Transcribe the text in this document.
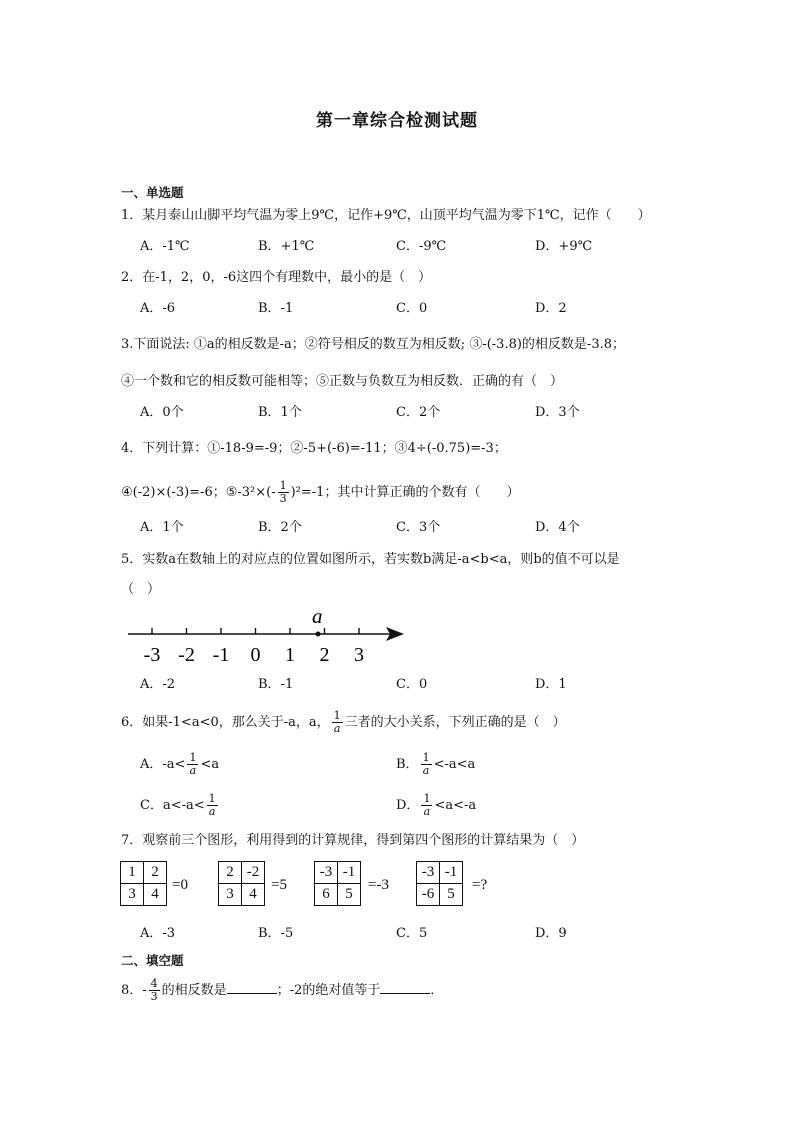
第一章综合检测试题
一、单选题
1．某月泰山山脚平均气温为零上9℃，记作+9℃，山顶平均气温为零下1℃，记作（　　）
A．-1℃	B．+1℃	C．-9℃	D．+9℃
2．在-1，2，0，-6这四个有理数中，最小的是（　）
A．-6	B．-1	C．0	D．2
3.下面说法: ①a的相反数是-a；②符号相反的数互为相反数; ③-(-3.8)的相反数是-3.8；
④一个数和它的相反数可能相等；⑤正数与负数互为相反数．正确的有（　）
A．0个	B．1个	C．2个	D．3个
4．下列计算：①-18-9=-9；②-5+(-6)=-11；③4÷(-0.75)=-3；
④(-2)×(-3)=-6；⑤-3²×(- $\frac{1}{3} )^2=-1$；其中计算正确的个数有（　　）
A．1个	B．2个	C．3个	D．4个
5．实数a在数轴上的对应点的位置如图所示，若实数b满足-a<b<a，则b的值不可以是
（　）
-3 -2 -1 0 1 2 3
a
A．-2	B．-1	C．0	D．1
6．如果-1<a<0，那么关于-a，a， $\frac{1}{a}$ 三者的大小关系，下列正确的是（　）
A．$-a< \frac{1}{a} <a$	B． $\frac{1}{a} <-a<a$
C．$a<-a< \frac{1}{a}$	D． $\frac{1}{a} <a<-a$
7．观察前三个图形，利用得到的计算规律，得到第四个图形的计算结果为（　）
1	2
3	4
=0
2	-2
3	4
=5
-3	-1
6	5
=-3
-3	-1
-6	5
=?
A．-3	B．-5	C．5	D．9
二、填空题
8．- $\frac{4}{3}$ 的相反数是	；-2的绝对值等于	．
